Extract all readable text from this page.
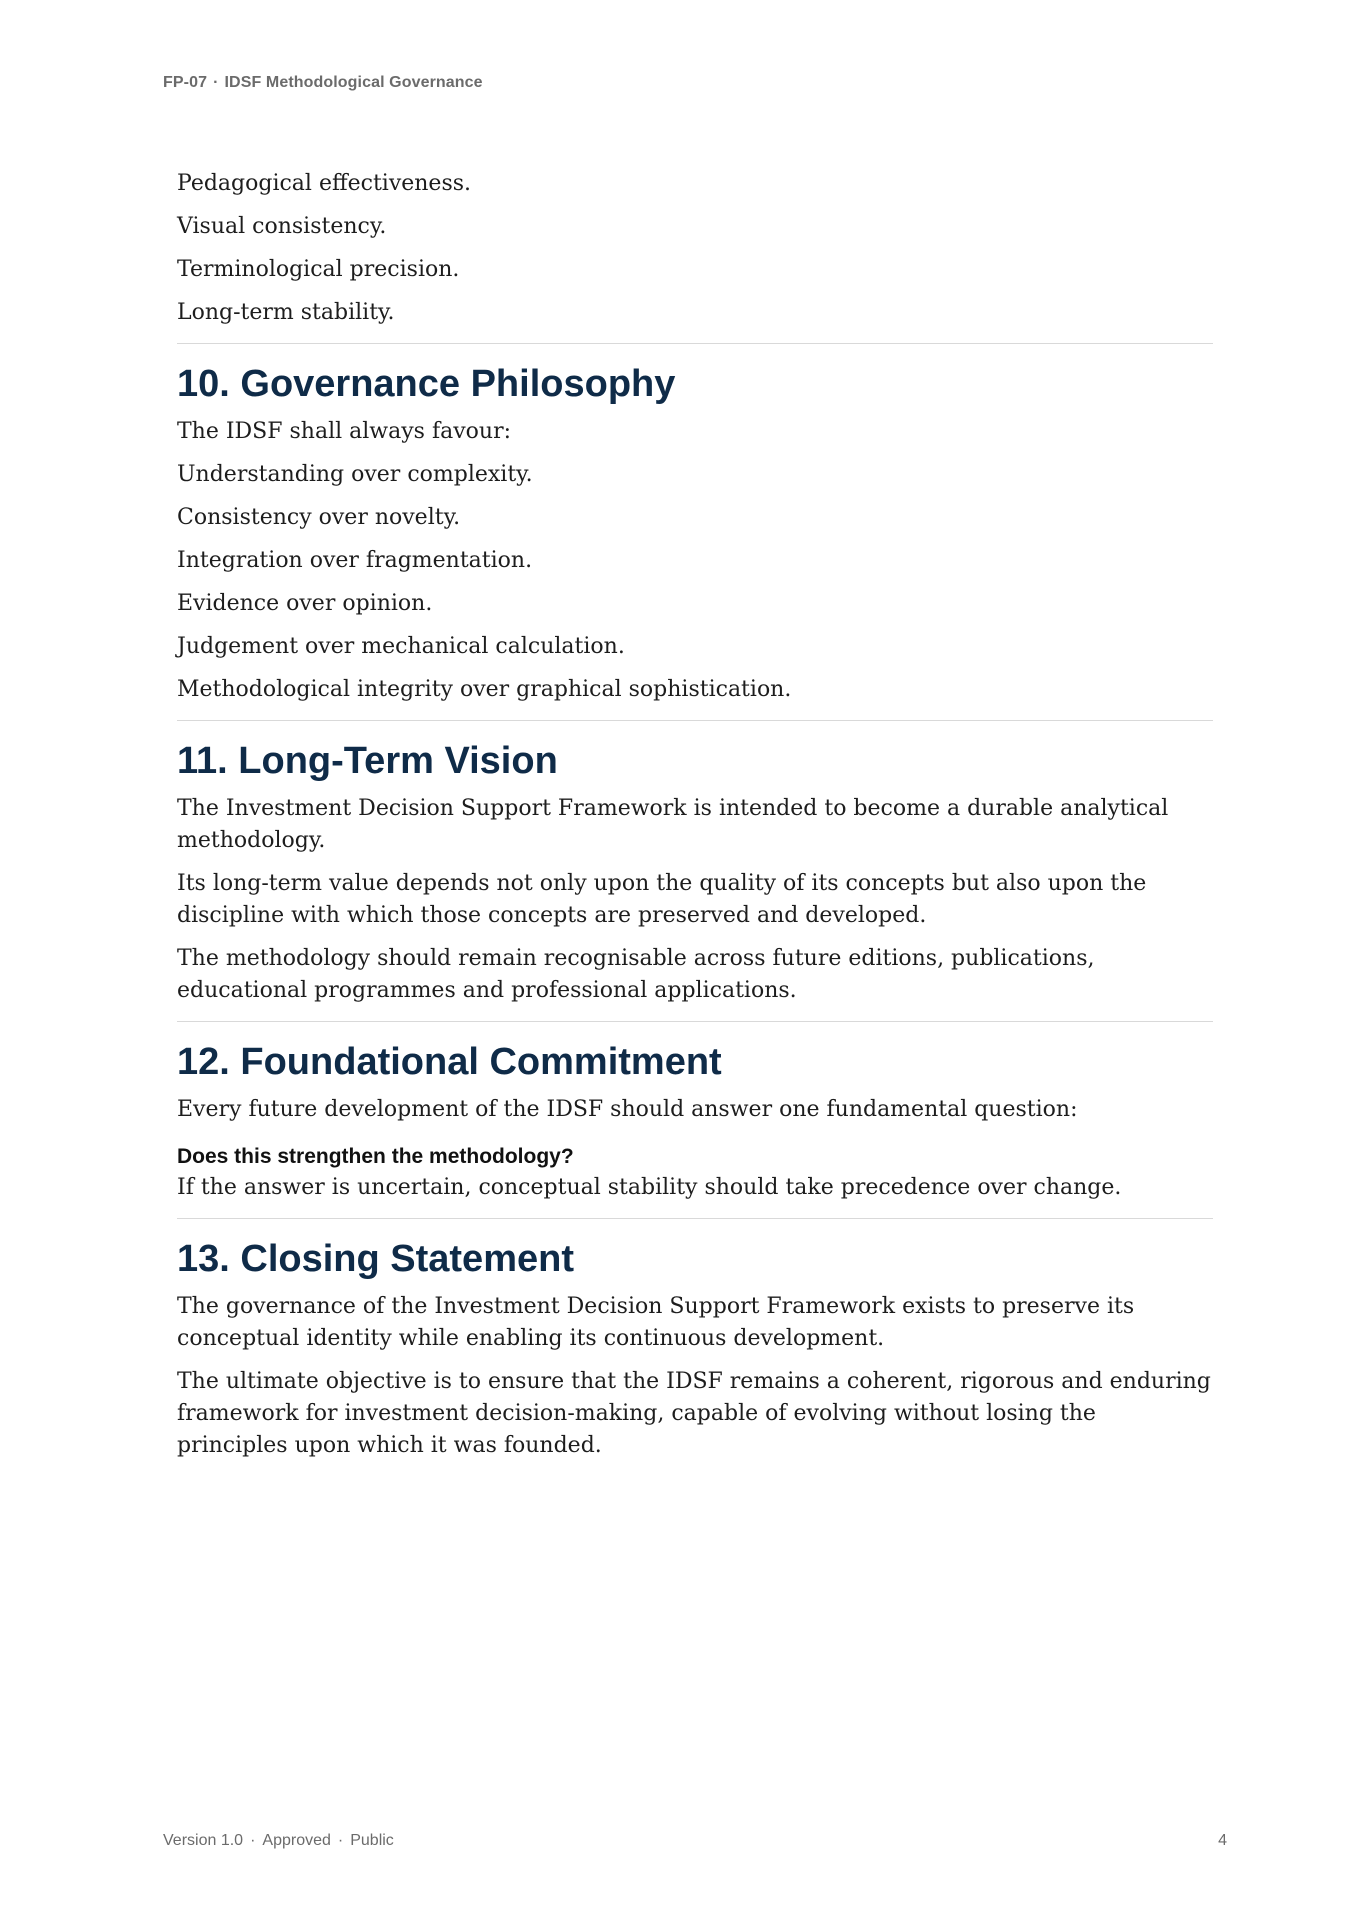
FP-07 · IDSF Methodological Governance

Pedagogical effectiveness.

Visual consistency.

Terminological precision.

Long-term stability.

10. Governance Philosophy

The IDSF shall always favour:

Understanding over complexity.

Consistency over novelty.

Integration over fragmentation.

Evidence over opinion.

Judgement over mechanical calculation.

Methodological integrity over graphical sophistication.

11. Long-Term Vision

The Investment Decision Support Framework is intended to become a durable analytical methodology.

Its long-term value depends not only upon the quality of its concepts but also upon the discipline with which those concepts are preserved and developed.

The methodology should remain recognisable across future editions, publications, educational programmes and professional applications.

12. Foundational Commitment

Every future development of the IDSF should answer one fundamental question:

Does this strengthen the methodology?

If the answer is uncertain, conceptual stability should take precedence over change.

13. Closing Statement

The governance of the Investment Decision Support Framework exists to preserve its conceptual identity while enabling its continuous development.

The ultimate objective is to ensure that the IDSF remains a coherent, rigorous and enduring framework for investment decision-making, capable of evolving without losing the principles upon which it was founded.

Version 1.0 · Approved · Public	4
